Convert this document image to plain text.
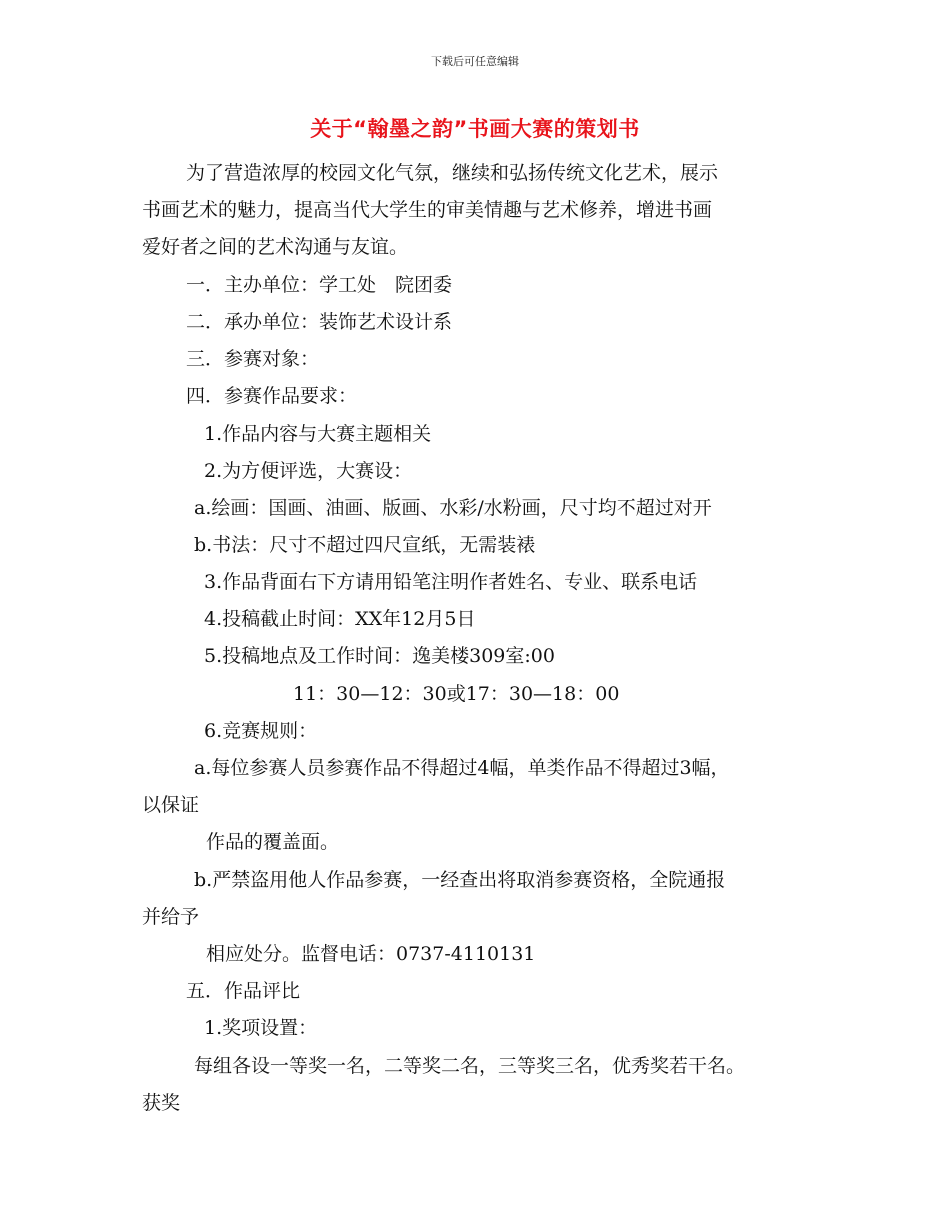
下载后可任意编辑
关于“翰墨之韵”书画大赛的策划书
为了营造浓厚的校园文化气氛，继续和弘扬传统文化艺术，展示
书画艺术的魅力，提高当代大学生的审美情趣与艺术修养，增进书画
爱好者之间的艺术沟通与友谊。
一．主办单位：学工处　院团委
二．承办单位：装饰艺术设计系
三．参赛对象：
四．参赛作品要求：
1.作品内容与大赛主题相关
2.为方便评选，大赛设：
a.绘画：国画、油画、版画、水彩/水粉画，尺寸均不超过对开
b.书法：尺寸不超过四尺宣纸，无需装裱
3.作品背面右下方请用铅笔注明作者姓名、专业、联系电话
4.投稿截止时间：XX年12月5日
5.投稿地点及工作时间：逸美楼309室:00
11：30—12：30或17：30—18：00
6.竞赛规则：
a.每位参赛人员参赛作品不得超过4幅，单类作品不得超过3幅，
以保证
作品的覆盖面。
b.严禁盗用他人作品参赛，一经查出将取消参赛资格，全院通报
并给予
相应处分。监督电话：0737-4110131
五．作品评比
1.奖项设置：
每组各设一等奖一名，二等奖二名，三等奖三名，优秀奖若干名。
获奖
